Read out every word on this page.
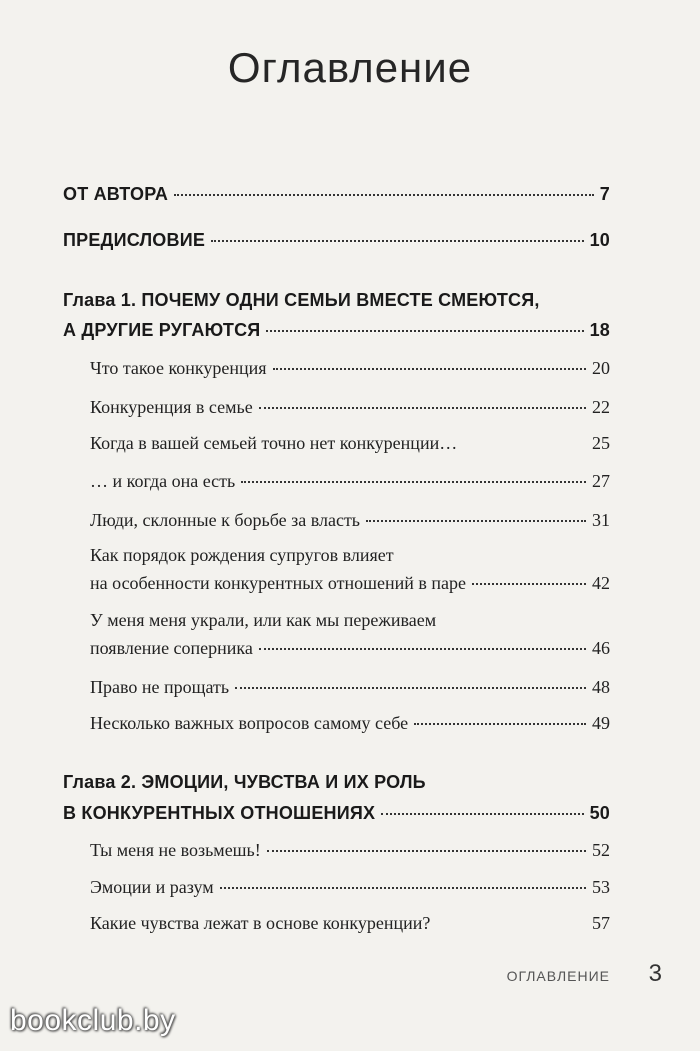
Оглавление
ОТ АВТОРА	7
ПРЕДИСЛОВИЕ	10
Глава 1. ПОЧЕМУ ОДНИ СЕМЬИ ВМЕСТЕ СМЕЮТСЯ,
А ДРУГИЕ РУГАЮТСЯ	18
Что такое конкуренция	20
Конкуренция в семье	22
Когда в вашей семьей точно нет конкуренции…	25
… и когда она есть	27
Люди, склонные к борьбе за власть	31
Как порядок рождения супругов влияет
на особенности конкурентных отношений в паре	42
У меня меня украли, или как мы переживаем
появление соперника	46
Право не прощать	48
Несколько важных вопросов самому себе	49
Глава 2. ЭМОЦИИ, ЧУВСТВА И ИХ РОЛЬ
В КОНКУРЕНТНЫХ ОТНОШЕНИЯХ	50
Ты меня не возьмешь!	52
Эмоции и разум	53
Какие чувства лежат в основе конкуренции?	57
ОГЛАВЛЕНИЕ 3
bookclub.by
